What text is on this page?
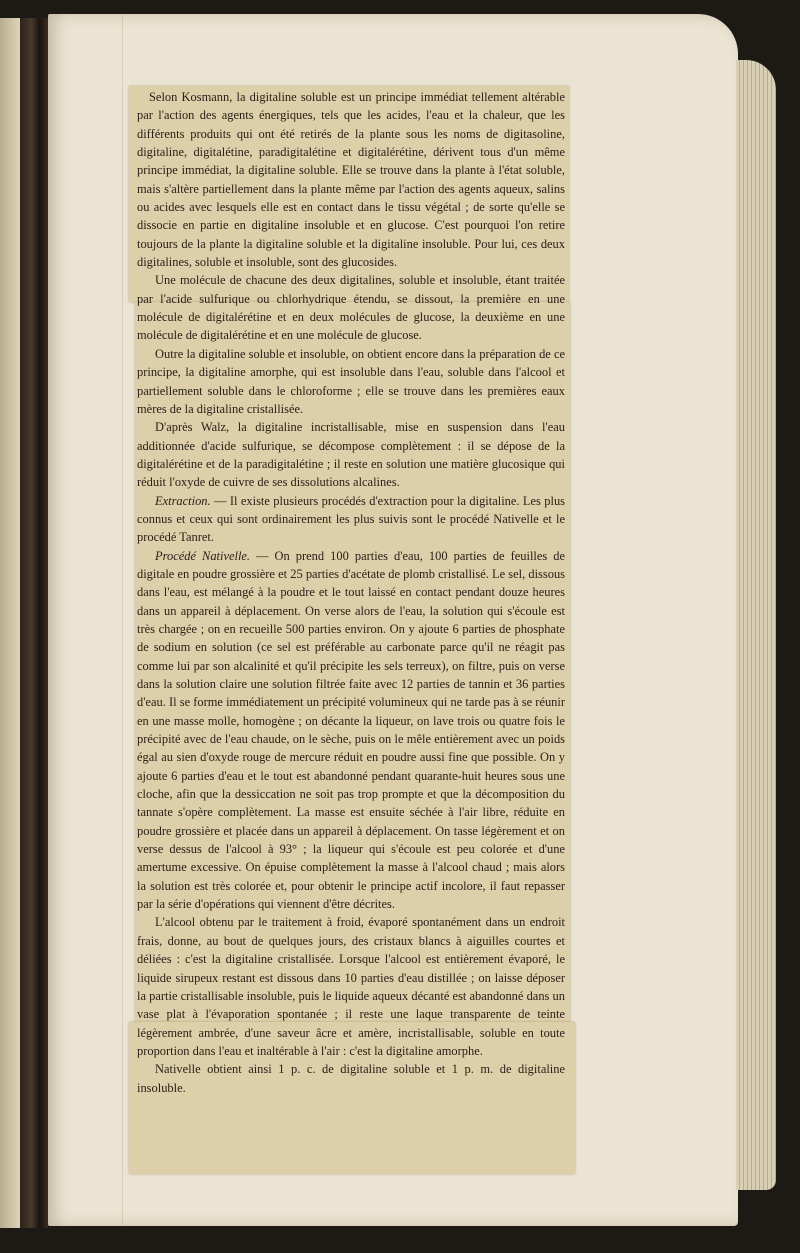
Selon Kosmann, la digitaline soluble est un principe immédiat tellement altérable par l'action des agents énergiques, tels que les acides, l'eau et la chaleur, que les différents produits qui ont été retirés de la plante sous les noms de digitasoline, digitaline, digitalétine, paradigitalétine et digitalérétine, dérivent tous d'un même principe immédiat, la digitaline soluble. Elle se trouve dans la plante à l'état soluble, mais s'altère partiellement dans la plante même par l'action des agents aqueux, salins ou acides avec lesquels elle est en contact dans le tissu végétal ; de sorte qu'elle se dissocie en partie en digitaline insoluble et en glucose. C'est pourquoi l'on retire toujours de la plante la digitaline soluble et la digitaline insoluble. Pour lui, ces deux digitalines, soluble et insoluble, sont des glucosides.

Une molécule de chacune des deux digitalines, soluble et insoluble, étant traitée par l'acide sulfurique ou chlorhydrique étendu, se dissout, la première en une molécule de digitalérétine et en deux molécules de glucose, la deuxième en une molécule de digitalérétine et en une molécule de glucose.

Outre la digitaline soluble et insoluble, on obtient encore dans la préparation de ce principe, la digitaline amorphe, qui est insoluble dans l'eau, soluble dans l'alcool et partiellement soluble dans le chloroforme ; elle se trouve dans les premières eaux mères de la digitaline cristallisée.

D'après Walz, la digitaline incristallisable, mise en suspension dans l'eau additionnée d'acide sulfurique, se décompose complètement : il se dépose de la digitalérétine et de la paradigitalétine ; il reste en solution une matière glucosique qui réduit l'oxyde de cuivre de ses dissolutions alcalines.

Extraction. — Il existe plusieurs procédés d'extraction pour la digitaline. Les plus connus et ceux qui sont ordinairement les plus suivis sont le procédé Nativelle et le procédé Tanret.

Procédé Nativelle. — On prend 100 parties d'eau, 100 parties de feuilles de digitale en poudre grossière et 25 parties d'acétate de plomb cristallisé. Le sel, dissous dans l'eau, est mélangé à la poudre et le tout laissé en contact pendant douze heures dans un appareil à déplacement. On verse alors de l'eau, la solution qui s'écoule est très chargée ; on en recueille 500 parties environ. On y ajoute 6 parties de phosphate de sodium en solution (ce sel est préférable au carbonate parce qu'il ne réagit pas comme lui par son alcalinité et qu'il précipite les sels terreux), on filtre, puis on verse dans la solution claire une solution filtrée faite avec 12 parties de tannin et 36 parties d'eau. Il se forme immédiatement un précipité volumineux qui ne tarde pas à se réunir en une masse molle, homogène ; on décante la liqueur, on lave trois ou quatre fois le précipité avec de l'eau chaude, on le sèche, puis on le mêle entièrement avec un poids égal au sien d'oxyde rouge de mercure réduit en poudre aussi fine que possible. On y ajoute 6 parties d'eau et le tout est abandonné pendant quarante-huit heures sous une cloche, afin que la dessiccation ne soit pas trop prompte et que la décomposition du tannate s'opère complètement. La masse est ensuite séchée à l'air libre, réduite en poudre grossière et placée dans un appareil à déplacement. On tasse légèrement et on verse dessus de l'alcool à 93° ; la liqueur qui s'écoule est peu colorée et d'une amertume excessive. On épuise complètement la masse à l'alcool chaud ; mais alors la solution est très colorée et, pour obtenir le principe actif incolore, il faut repasser par la série d'opérations qui viennent d'être décrites.

L'alcool obtenu par le traitement à froid, évaporé spontanément dans un endroit frais, donne, au bout de quelques jours, des cristaux blancs à aiguilles courtes et déliées : c'est la digitaline cristallisée. Lorsque l'alcool est entièrement évaporé, le liquide sirupeux restant est dissous dans 10 parties d'eau distillée ; on laisse déposer la partie cristallisable insoluble, puis le liquide aqueux décanté est abandonné dans un vase plat à l'évaporation spontanée ; il reste une laque transparente de teinte légèrement ambrée, d'une saveur âcre et amère, incristallisable, soluble en toute proportion dans l'eau et inaltérable à l'air : c'est la digitaline amorphe.

Nativelle obtient ainsi 1 p. c. de digitaline soluble et 1 p. m. de digitaline insoluble.
